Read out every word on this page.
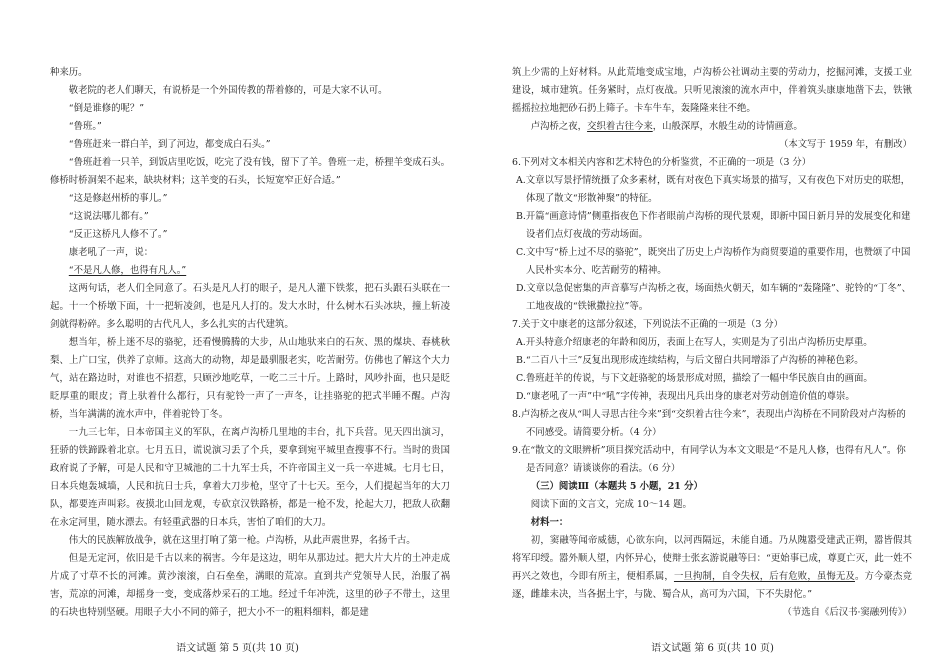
种来历。

敬老院的老人们聊天，有说桥是一个外国传教的帮着修的，可是大家不认可。

“倒是谁修的呢？”

“鲁班。”

“鲁班赶来一群白羊，到了河边，都变成白石头。”

“鲁班赶着一只羊，到饭店里吃饭，吃完了没有钱，留下了羊。鲁班一走，桥狸羊变成石头。修桥时桥洞架不起来，缺块材料；这羊变的石头，长短宽窄正好合适。”

“这是修赵州桥的事儿。”

“这说法哪儿都有。”

“反正这桥凡人修不了。”

康老吼了一声，说：

“不是凡人修，也得有凡人。”

这两句话，老人们全同意了。石头是凡人打的眼子，是凡人灌下铁浆，把石头跟石头联在一起。十一个桥墩下面，十一把斩凌剑，也是凡人打的。发大水时，什么树木石头冰块，撞上斩凌剑就得粉碎。多么聪明的古代凡人，多么扎实的古代建筑。

想当年，桥上迷不尽的骆驼，还看慢腾腾的大步，从山地驮来白的石灰、黑的煤块、春桃秋梨、上广口宝，供养了京师。这高大的动物，却是最驯服老实，吃苦耐劳。仿佛也了解这个大力气，站在路边时，对谁也不招惹，只顾沙地吃草，一吃二三十斤。上路时，风吵扑面，也只是眨眨厚重的眼皮；背上驮着什么都行，只有驼铃一声了一声冬，让挂骆驼的把式半睡不醒。卢沟桥，当年满满的流水声中，伴着驼铃丁冬。

一九三七年，日本帝国主义的军队，在离卢沟桥几里地的丰台，扎下兵营。见天四出演习，狂骄的铁蹄跺着北京。七月五日，谎说演习丢了个兵，要拿到宛平城里查搜事不行。当时的贵国政府说了予解，可是人民和守卫城池的二十九军士兵，不许帝国主义一兵一卒进城。七月七日，日本兵炮轰城墙，人民和抗日士兵，拿着大刀步枪，坚守了十七天。至今，人们提起当年的大刀队，都要连声叫彩。夜摸北山回龙观，专砍京汉铁路桥，都是一枪不发，抡起大刀，把敌人砍翻在永定河里，随水漂去。有轻重武器的日本兵，害怕了咱们的大刀。

伟大的民族解放战争，就在这里打响了第一枪。卢沟桥，从此声震世界，名扬千古。

但是无定河，依旧是千古以来的祸害。今年是这边，明年从那边过。把大片大片的土冲走成片成了寸草不长的河滩。黄沙滚滚，白石垒垒，满眼的荒凉。直到共产党领导人民，治服了祸害，荒凉的河滩，却摇身一变，变成落炒采石的工地。经过千年冲洗，这里的砂子不带土，这里的石块也特别坚硬。用眼子大小不同的筛子，把大小不一的粗料细料，都是建

筑上少需的上好材料。从此荒地变成宝地，卢沟桥公社调动主要的劳动力，挖掘河滩，支援工业建设，城市建筑。任务紧时，点灯夜战。只听见滚滚的流水声中，伴着筑头康康地凿下去，铁锹摇摇拉拉地把砂石扔上筛子。卡车牛车，轰隆隆来往不绝。

卢沟桥之夜，交织着古往今来，山般深厚，水般生动的诗情画意。

（本文写于 1959 年，有删改）

6.下列对文本相关内容和艺术特色的分析鉴赏，不正确的一项是（3 分）

A.文章以写景抒情统摄了众多素材，既有对夜色下真实场景的描写，又有夜色下对历史的联想，体现了散文“形散神聚”的特征。

B.开篇“画意诗情”侧重指夜色下作者眼前卢沟桥的现代景观，即新中国日新月异的发展变化和建设者们点灯夜战的劳动场面。

C.文中写“桥上过不尽的骆驼”，既突出了历史上卢沟桥作为商贸要道的重要作用，也赞颂了中国人民朴实本分、吃苦耐劳的精神。

D.文章以急促密集的声音摹写卢沟桥之夜，场面热火朝天，如车辆的“轰隆隆”、驼铃的“丁冬”、工地夜战的“铁锹撒拉拉”等。

7.关于文中康老的这部分叙述，下列说法不正确的一项是（3 分）

A.开头特意介绍康老的年龄和阅历，表面上在写人，实则是为了引出卢沟桥历史厚重。

B.“二百八十三”反复出现形成连续结构，与后文留白共同增添了卢沟桥的神秘色彩。

C.鲁班赶羊的传说，与下文赶骆驼的场景形成对照，描绘了一幅中华民族自由的画面。

D.“康老吼了一声”中“吼”字传神，表现出凡兵出身的康老对劳动创造价值的尊崇。

8.卢沟桥之夜从“叫人寻思古往今来”到“交织着古往今来”，表现出卢沟桥在不同阶段对卢沟桥的不同感受。请简要分析。（4 分）

9.在“散文的文眼辨析”项目探究活动中，有同学认为本文文眼是“不是凡人修，也得有凡人”。你是否同意？请谈谈你的看法。（6 分）

（三）阅读Ⅲ（本题共 5 小题，21 分）

阅读下面的文言文，完成 10～14 题。

材料一：

初，窦融等闻帝威德，心欲东向，以河西隔远，未能自通。乃从隗嚣受建武正朔，嚣皆假其将军印绶。嚣外顺人望，内怀异心，使辩士张玄游说融等曰：“更始事已成，尊夏亡灭，此一姓不再兴之效也，今即有所主，便相系属，一旦拘制，自令失权，后有危败，虽悔无及。方今豪杰竞逐，雌雄未决，当各据土宇，与陇、蜀合从，高可为六国，下不失尉佗。”

（节选自《后汉书·窦融列传》）

语文试题 第 5 页(共 10 页)	语文试题 第 6 页(共 10 页)
